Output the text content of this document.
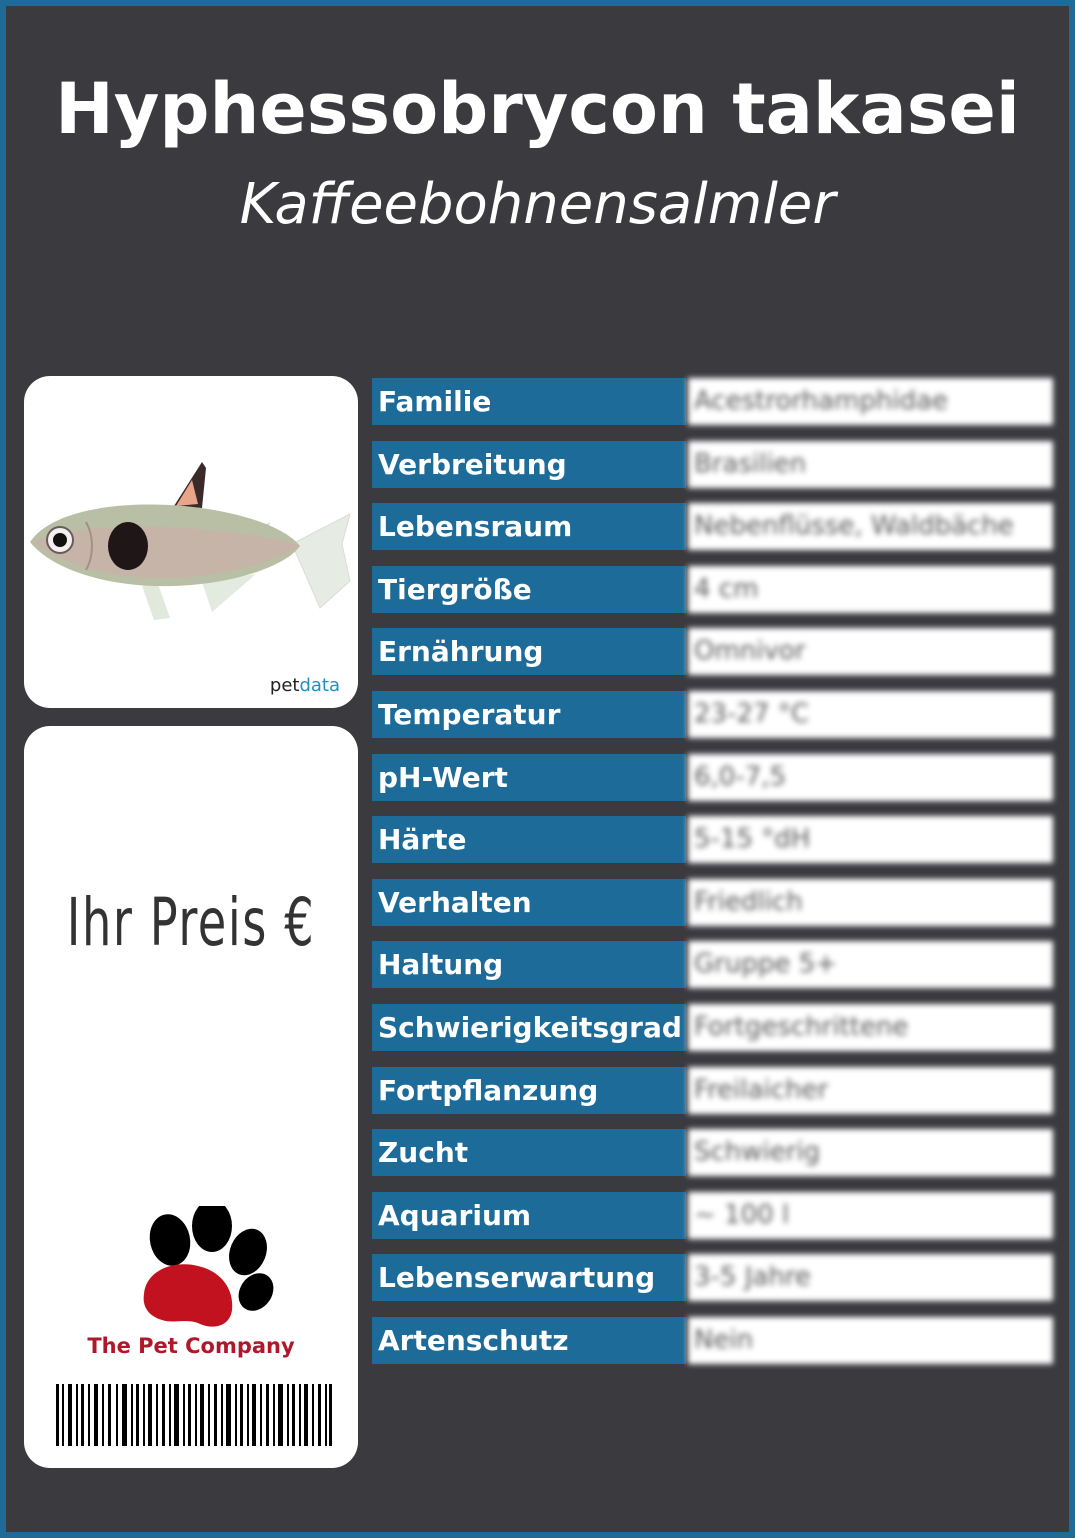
Hyphessobrycon takasei
Kaffeebohnensalmler
petdata
Ihr Preis €
The Pet Company
Familie	Acestrorhamphidae
Verbreitung	Brasilien
Lebensraum	Nebenflüsse, Waldbäche
Tiergröße	4 cm
Ernährung	Omnivor
Temperatur	23-27 °C
pH-Wert	6,0-7,5
Härte	5-15 °dH
Verhalten	Friedlich
Haltung	Gruppe 5+
Schwierigkeitsgrad Fortgeschrittene
Fortpflanzung	Freilaicher
Zucht	Schwierig
Aquarium	~ 100 l
Lebenserwartung	3-5 Jahre
Artenschutz	Nein
